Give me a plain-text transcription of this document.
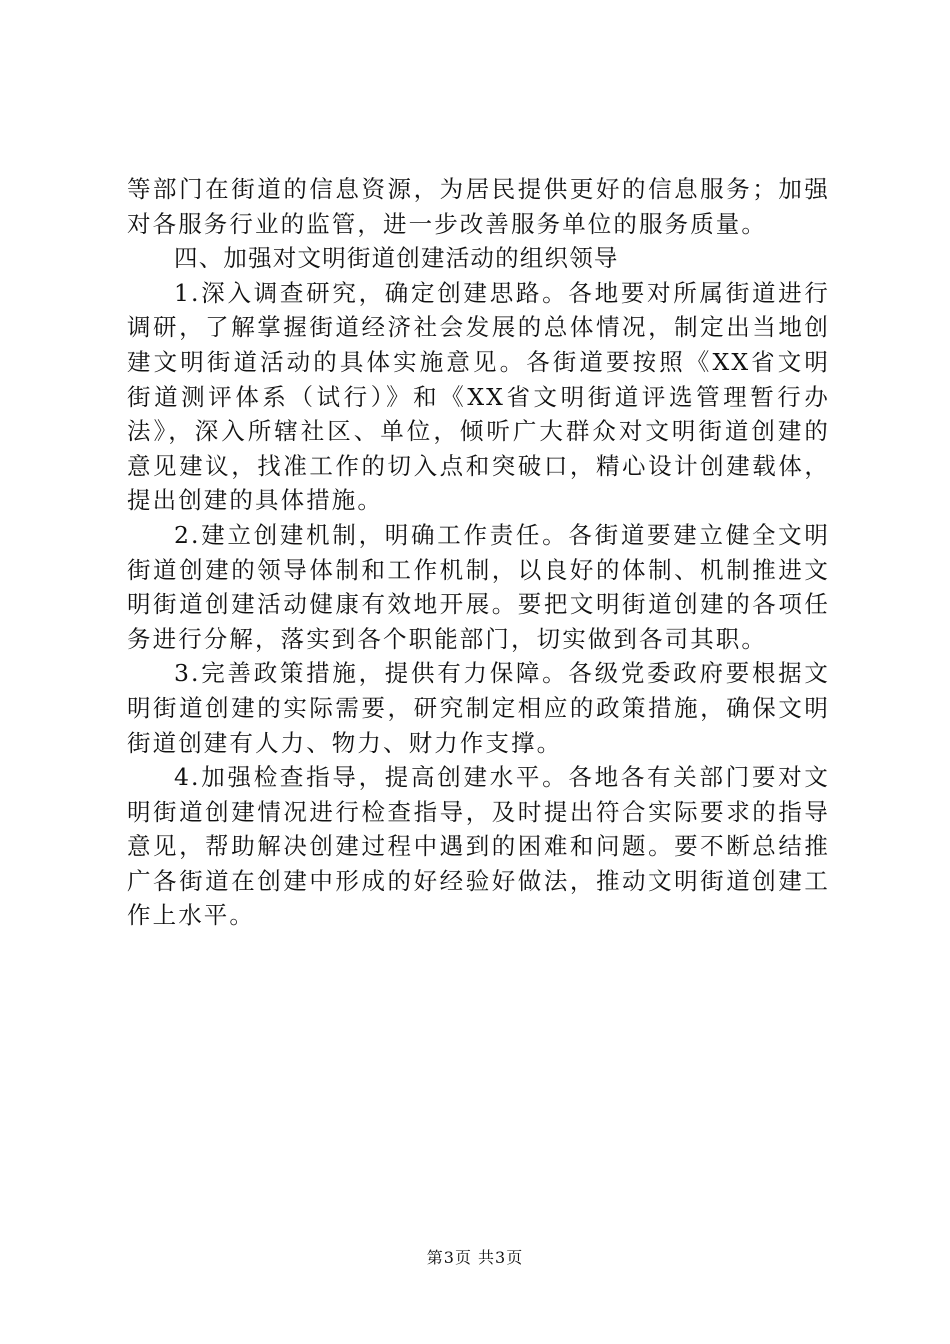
等部门在街道的信息资源，为居民提供更好的信息服务；加强对各服务行业的监管，进一步改善服务单位的服务质量。

四、加强对文明街道创建活动的组织领导

1.深入调查研究，确定创建思路。各地要对所属街道进行调研，了解掌握街道经济社会发展的总体情况，制定出当地创建文明街道活动的具体实施意见。各街道要按照《XX省文明街道测评体系（试行）》和《XX省文明街道评选管理暂行办法》，深入所辖社区、单位，倾听广大群众对文明街道创建的意见建议，找准工作的切入点和突破口，精心设计创建载体，提出创建的具体措施。

2.建立创建机制，明确工作责任。各街道要建立健全文明街道创建的领导体制和工作机制，以良好的体制、机制推进文明街道创建活动健康有效地开展。要把文明街道创建的各项任务进行分解，落实到各个职能部门，切实做到各司其职。

3.完善政策措施，提供有力保障。各级党委政府要根据文明街道创建的实际需要，研究制定相应的政策措施，确保文明街道创建有人力、物力、财力作支撑。

4.加强检查指导，提高创建水平。各地各有关部门要对文明街道创建情况进行检查指导，及时提出符合实际要求的指导意见，帮助解决创建过程中遇到的困难和问题。要不断总结推广各街道在创建中形成的好经验好做法，推动文明街道创建工作上水平。

第3页 共3页
